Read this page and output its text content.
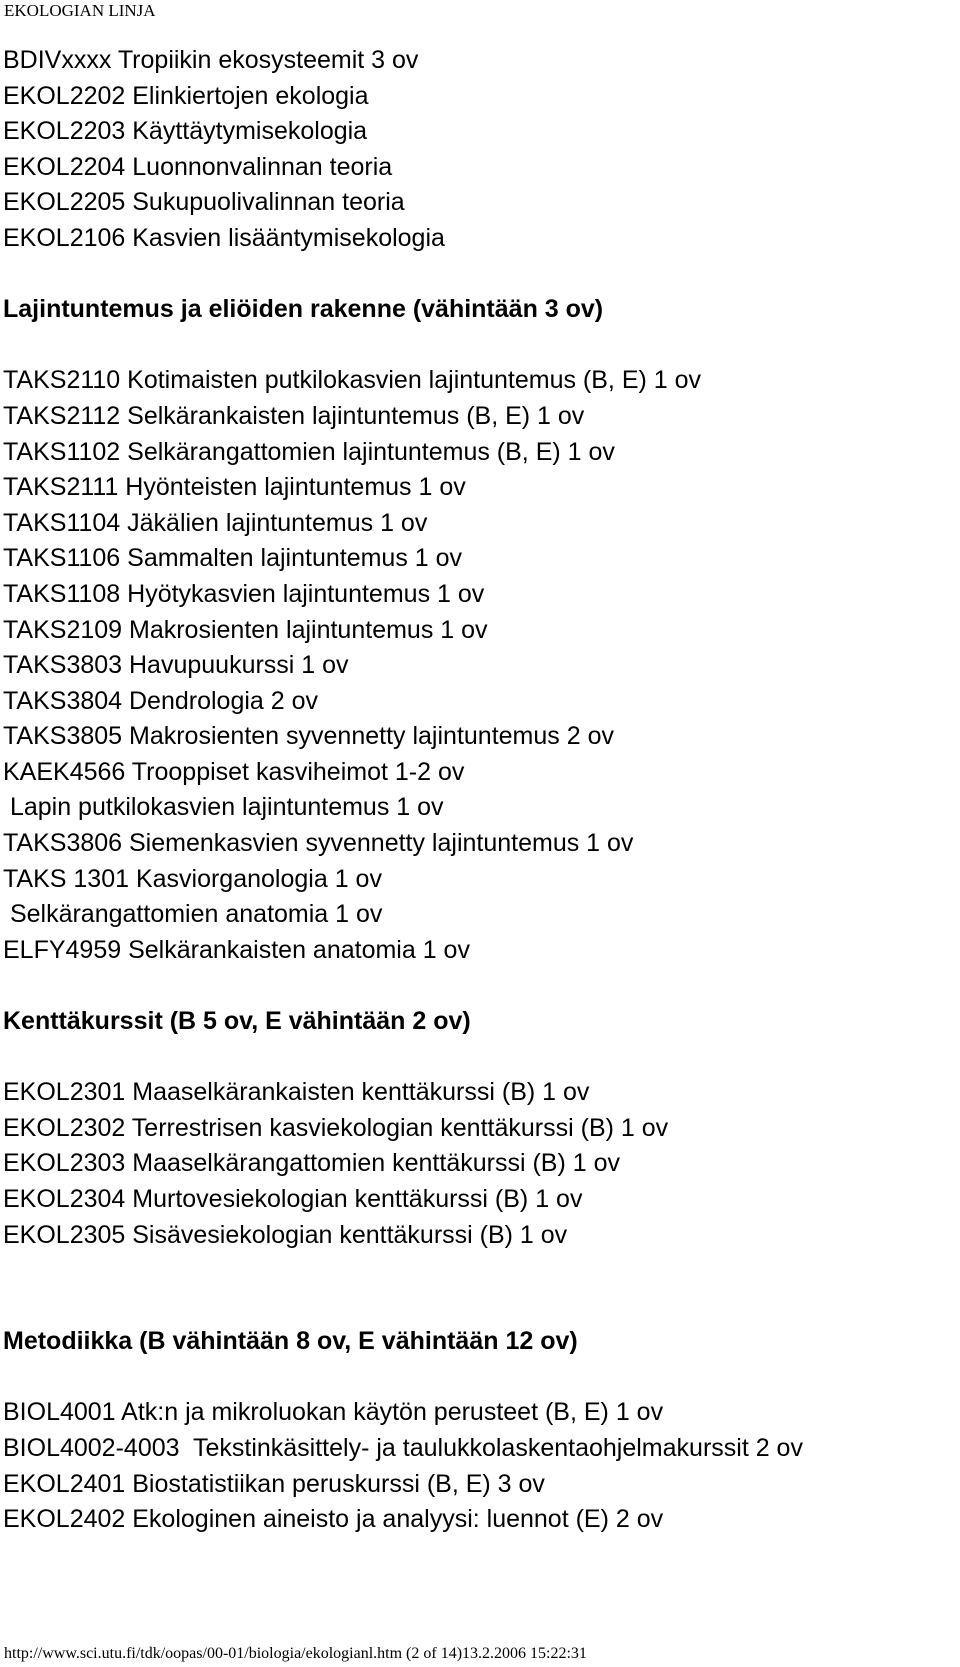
EKOLOGIAN LINJA

BDIVxxxx Tropiikin ekosysteemit 3 ov

EKOL2202 Elinkiertojen ekologia

EKOL2203 Käyttäytymisekologia

EKOL2204 Luonnonvalinnan teoria

EKOL2205 Sukupuolivalinnan teoria

EKOL2106 Kasvien lisääntymisekologia

Lajintuntemus ja eliöiden rakenne (vähintään 3 ov)

TAKS2110 Kotimaisten putkilokasvien lajintuntemus (B, E) 1 ov

TAKS2112 Selkärankaisten lajintuntemus (B, E) 1 ov

TAKS1102 Selkärangattomien lajintuntemus (B, E) 1 ov

TAKS2111 Hyönteisten lajintuntemus 1 ov

TAKS1104 Jäkälien lajintuntemus 1 ov

TAKS1106 Sammalten lajintuntemus 1 ov

TAKS1108 Hyötykasvien lajintuntemus 1 ov

TAKS2109 Makrosienten lajintuntemus 1 ov

TAKS3803 Havupuukurssi 1 ov

TAKS3804 Dendrologia 2 ov

TAKS3805 Makrosienten syvennetty lajintuntemus 2 ov

KAEK4566 Trooppiset kasviheimot 1-2 ov

Lapin putkilokasvien lajintuntemus 1 ov

TAKS3806 Siemenkasvien syvennetty lajintuntemus 1 ov

TAKS 1301 Kasviorganologia 1 ov

Selkärangattomien anatomia 1 ov

ELFY4959 Selkärankaisten anatomia 1 ov

Kenttäkurssit (B 5 ov, E vähintään 2 ov)

EKOL2301 Maaselkärankaisten kenttäkurssi (B) 1 ov

EKOL2302 Terrestrisen kasviekologian kenttäkurssi (B) 1 ov

EKOL2303 Maaselkärangattomien kenttäkurssi (B) 1 ov

EKOL2304 Murtovesiekologian kenttäkurssi (B) 1 ov

EKOL2305 Sisävesiekologian kenttäkurssi (B) 1 ov

Metodiikka (B vähintään 8 ov, E vähintään 12 ov)

BIOL4001 Atk:n ja mikroluokan käytön perusteet (B, E) 1 ov

BIOL4002-4003  Tekstinkäsittely- ja taulukkolaskentaohjelmakurssit 2 ov

EKOL2401 Biostatistiikan peruskurssi (B, E) 3 ov

EKOL2402 Ekologinen aineisto ja analyysi: luennot (E) 2 ov

http://www.sci.utu.fi/tdk/oopas/00-01/biologia/ekologianl.htm (2 of 14)13.2.2006 15:22:31
